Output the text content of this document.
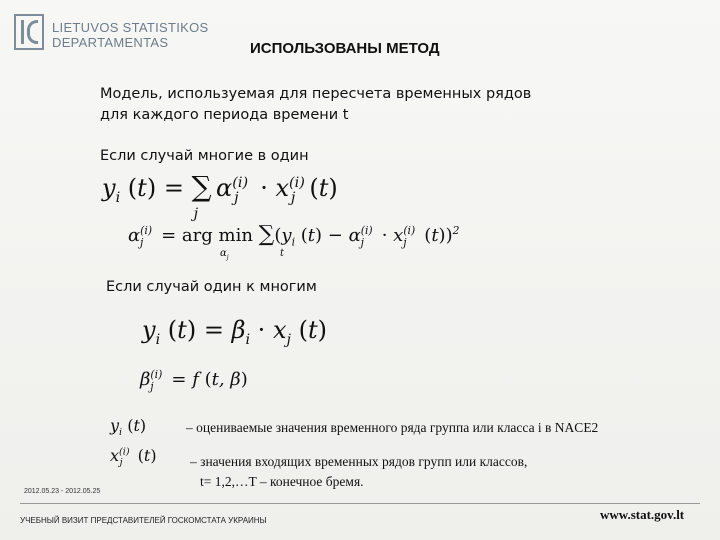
LIETUVOS STATISTIKOS
DEPARTAMENTAS	ИСПОЛЬЗОВАНЫ МЕТОД
Модель, используемая для пересчета временных рядов
для каждого периода времени t
Если случай многие в один
$y_i$ $(t) = \sum_j\alpha^{(i)}_j \cdot x^{(i)}_j$ (t)
$\alpha^{(i)}_j$ = arg $\min \sum(y_i$ $(t) - \alpha^{(i)}_j \cdot x^{(i)}_j$ (t))$^2$
$\alpha_j$	t
Если случай один к многим
$y_i$ $(t) = \beta_i \cdot x_j$ (t)
$\beta^{(i)}_j = f$ (t, β)
$y_i$ (t)	– оцениваемые значения временного ряда группа или класса i в NACE2
$x^{(i)}_j$ (t) – значения входящих временных рядов групп или классов,
t= 1,2,…T – конечное бремя.
2012.05.23 - 2012.05.25
УЧЕБНЫЙ ВИЗИТ ПРЕДСТАВИТЕЛЕЙ ГОСКОМСТАТА УКРАИНЫ	www.stat.gov.lt
